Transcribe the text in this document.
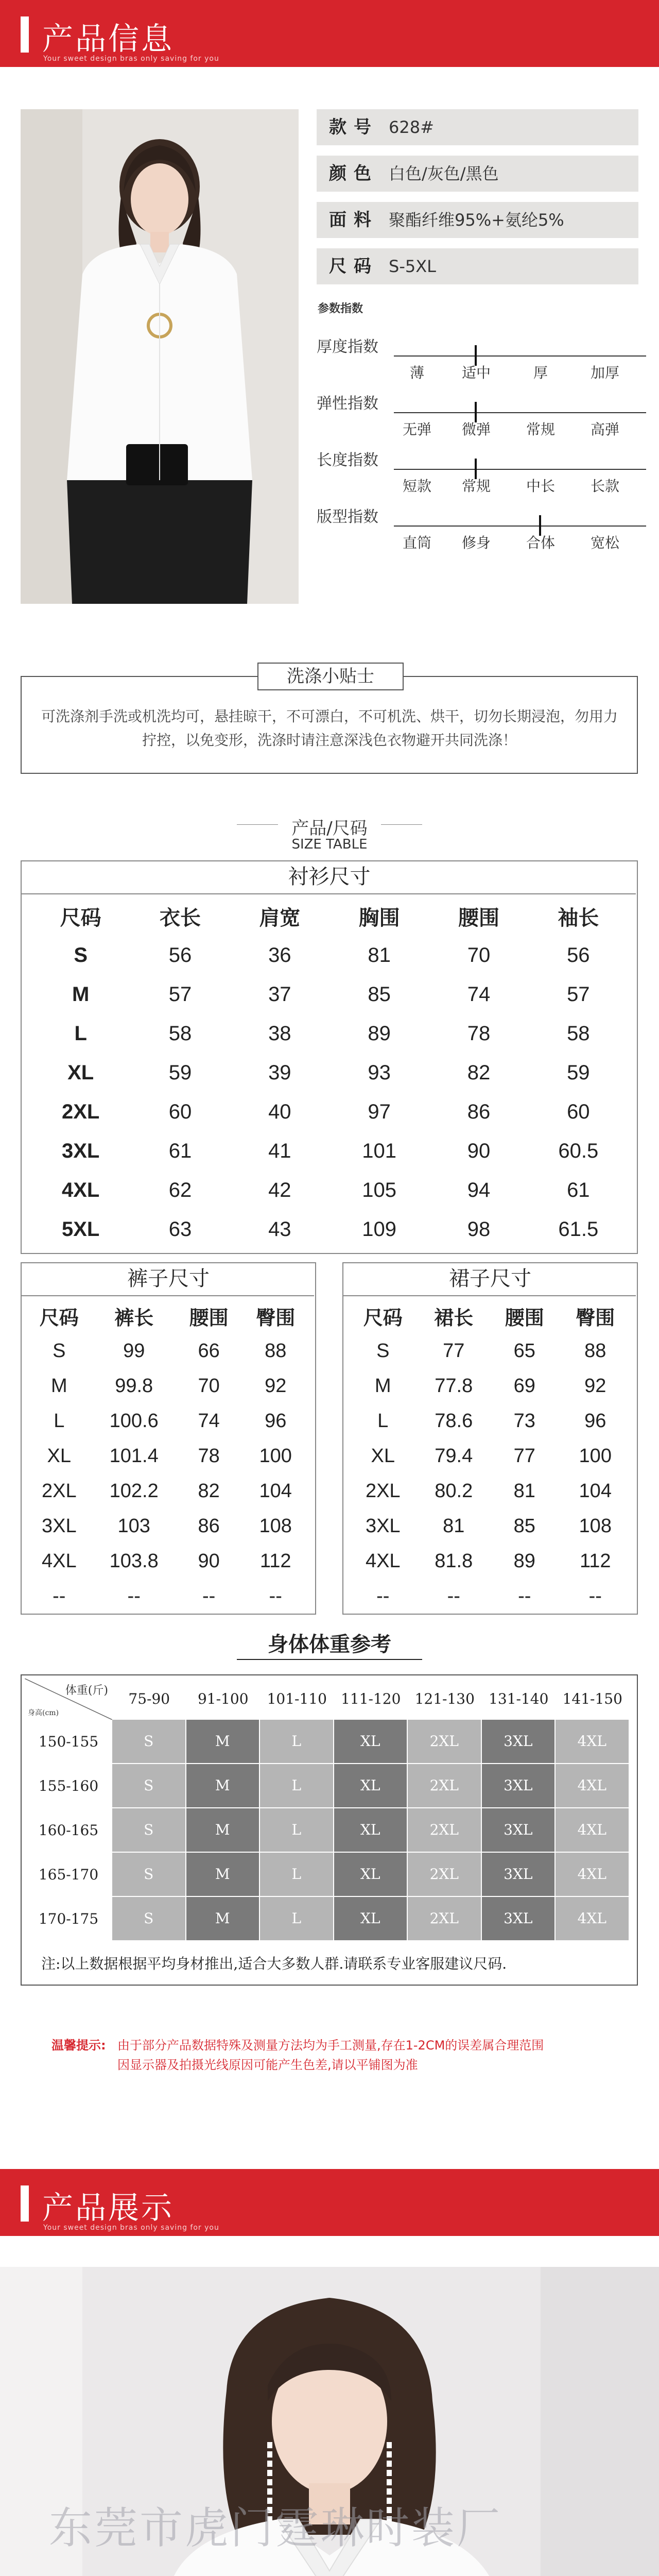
产品信息
Your sweet design bras only saving for you
款号 628#
颜色 白色/灰色/黑色
面料 聚酯纤维95%+氨纶5%
尺码 S-5XL
参数指数
厚度指数
薄	适中	厚	加厚
弹性指数
无弹	微弹	常规	高弹
长度指数
短款	常规	中长	长款
版型指数
直筒	修身	合体	宽松
洗涤小贴士
可洗涤剂手洗或机洗均可，悬挂晾干，不可漂白，不可机洗、烘干，切勿长期浸泡，勿用力拧控，以免变形，洗涤时请注意深浅色衣物避开共同洗涤！
产品/尺码
SIZE TABLE
衬衫尺寸
尺码	衣长	肩宽	胸围	腰围	袖长
S	56	36	81	70	56
M	57	37	85	74	57
L	58	38	89	78	58
XL	59	39	93	82	59
2XL	60	40	97	86	60
3XL	61	41	101	90	60.5
4XL	62	42	105	94	61
5XL	63	43	109	98	61.5
裤子尺寸
尺码	裤长	腰围	臀围
S	99	66	88
M	99.8	70	92
L	100.6	74	96
XL	101.4	78	100
2XL	102.2	82	104
3XL	103	86	108
4XL	103.8	90	112
--	--	--	--
裙子尺寸
尺码	裙长	腰围	臀围
S	77	65	88
M	77.8	69	92
L	78.6	73	96
XL	79.4	77	100
2XL	80.2	81	104
3XL	81	85	108
4XL	81.8	89	112
--	--	--	--
身体体重参考
体重(斤)
身高(cm)
75-90	91-100	101-110 111-120 121-130 131-140 141-150
150-155	S	M	L	XL	2XL	3XL	4XL
155-160	S	M	L	XL	2XL	3XL	4XL
160-165	S	M	L	XL	2XL	3XL	4XL
165-170	S	M	L	XL	2XL	3XL	4XL
170-175	S	M	L	XL	2XL	3XL	4XL
注:以上数据根据平均身材推出,适合大多数人群.请联系专业客服建议尺码.
温馨提示: 由于部分产品数据特殊及测量方法均为手工测量,存在1-2CM的误差属合理范围
因显示器及拍摄光线原因可能产生色差,请以平铺图为准
产品展示
Your sweet design bras only saving for you
东莞市虎门霆琳时装厂
